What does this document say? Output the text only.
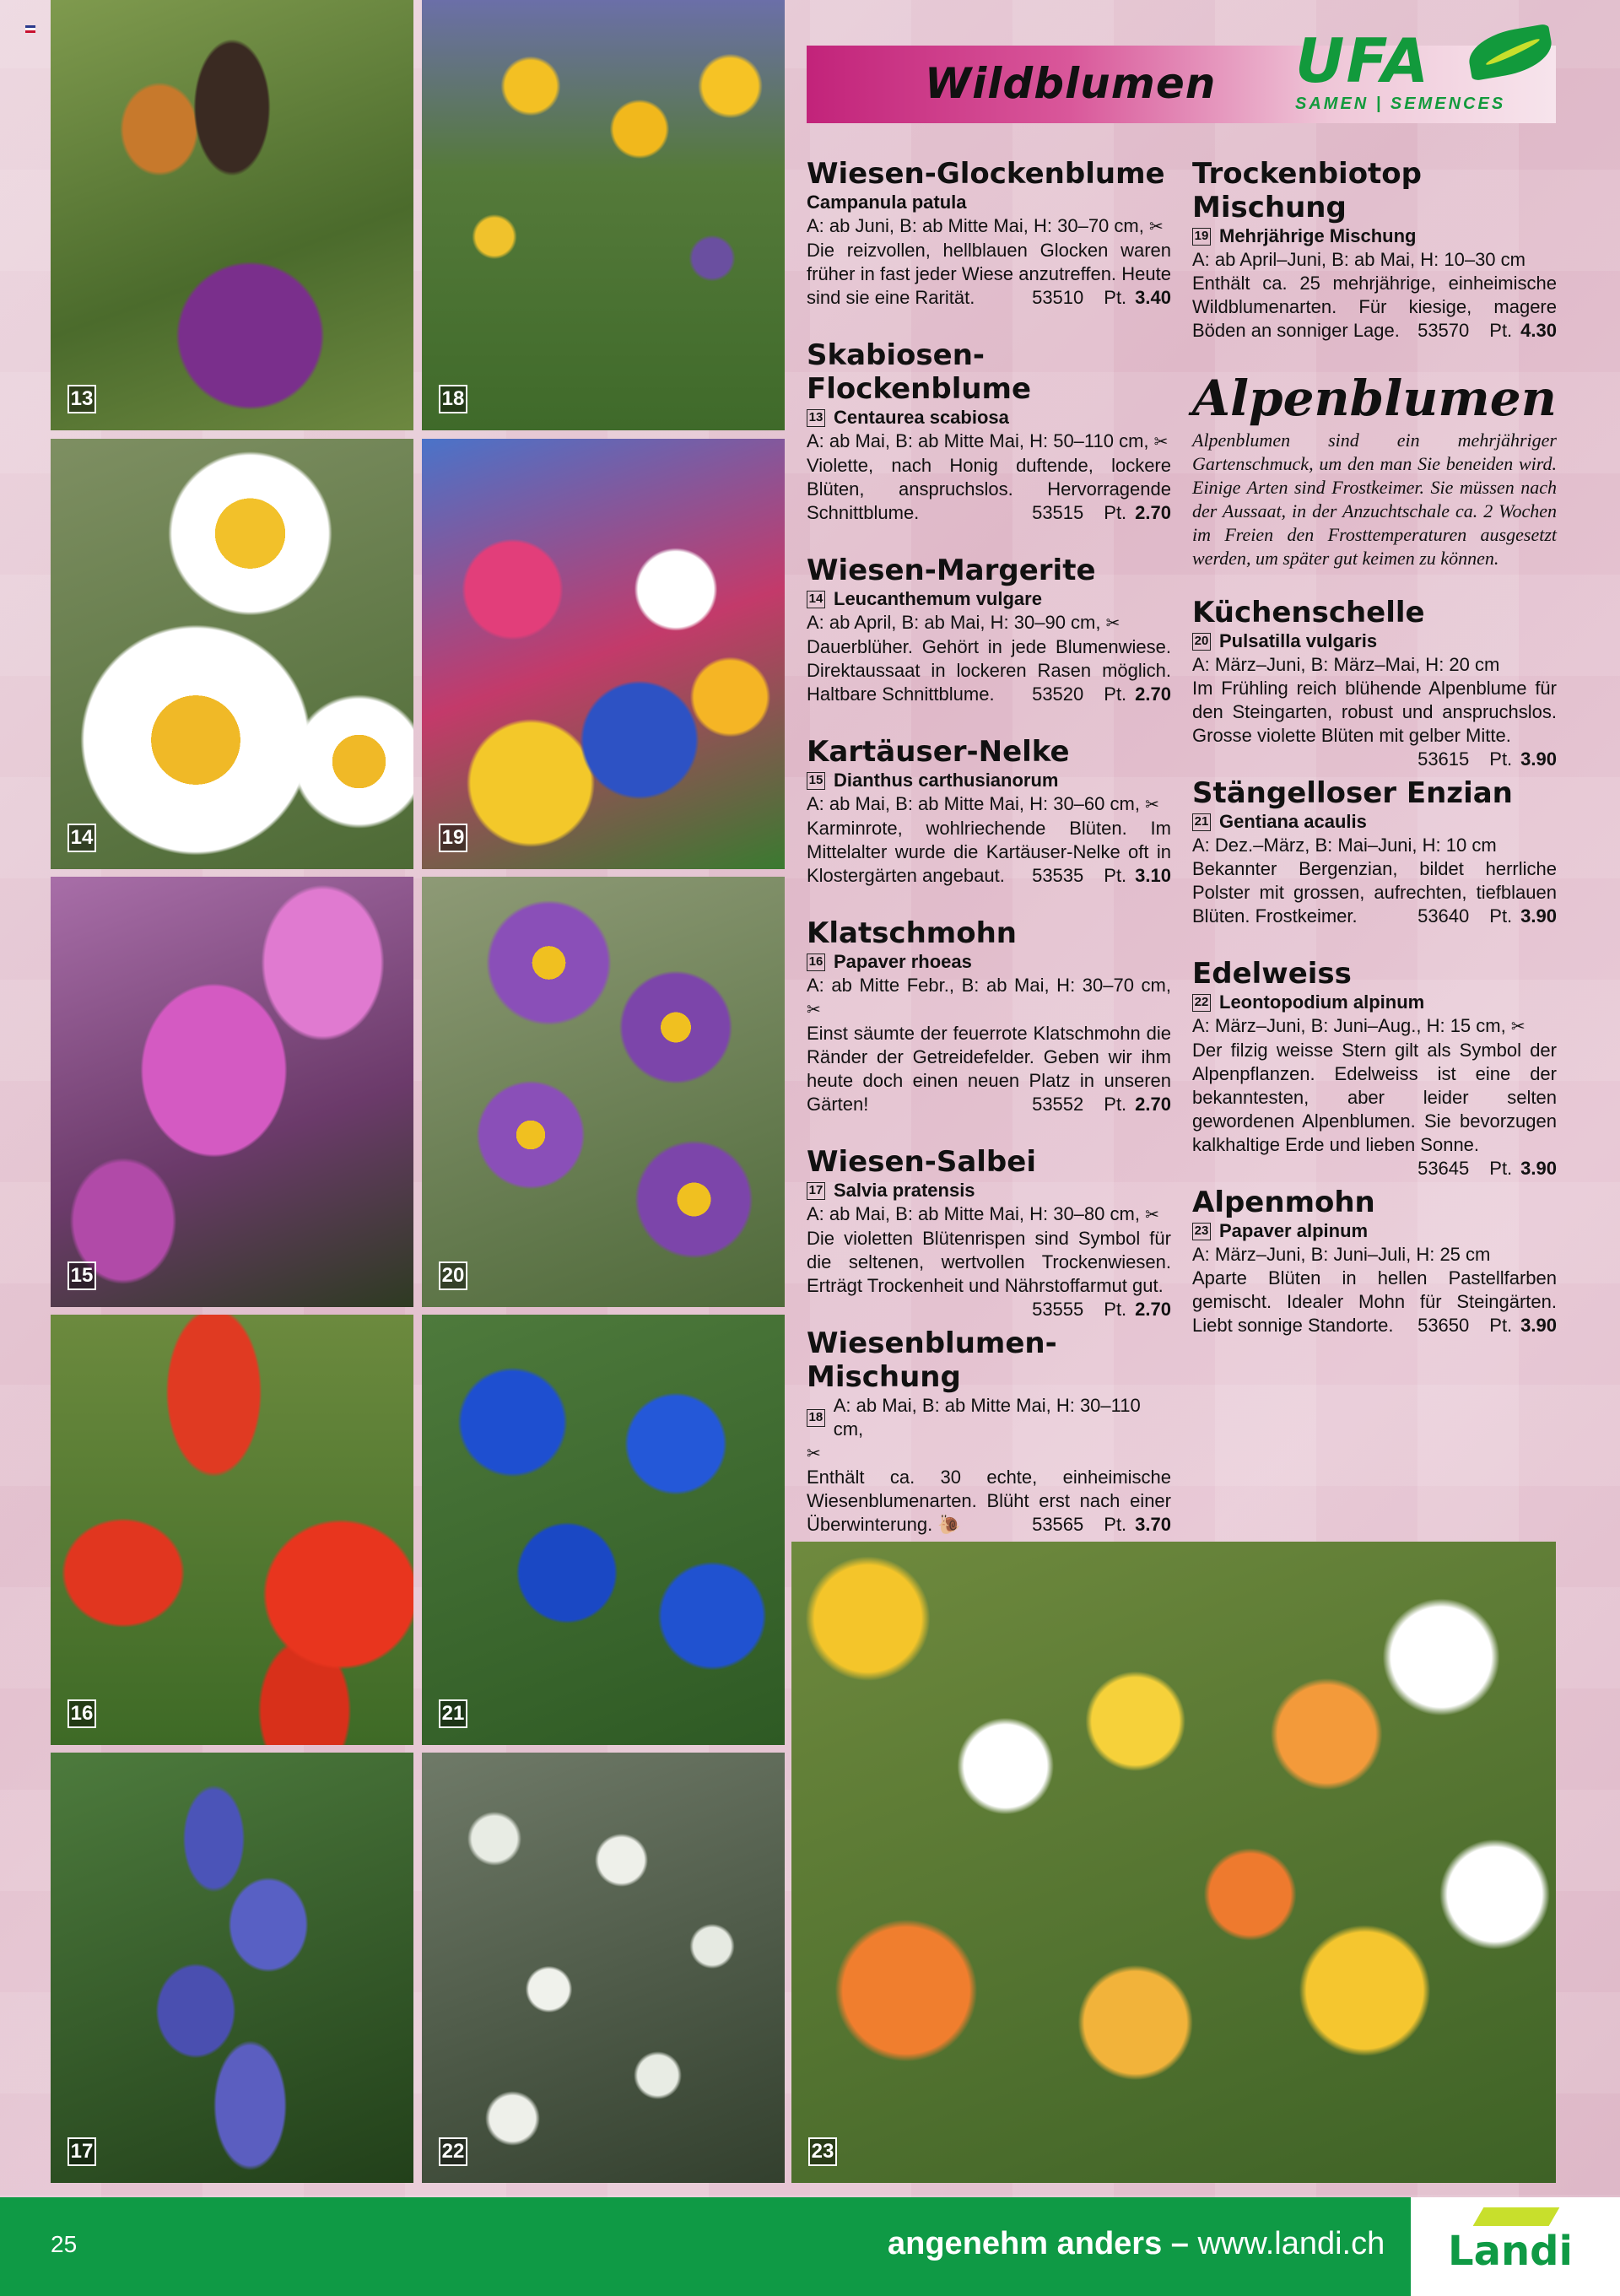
13	18
14	19
15	20
16	21
17	22	23
Wildblumen UFA
SAMEN | SEMENCES
Wiesen-Glockenblume
Campanula patula
A: ab Juni, B: ab Mitte Mai, H: 30–70 cm, ✂
Die reizvollen, hellblauen Glocken waren früher in fast jeder Wiese anzutreffen. Heute sind sie eine Rarität.	53510 Pt. 3.40
Skabiosen-Flockenblume
13 Centaurea scabiosa
A: ab Mai, B: ab Mitte Mai, H: 50–110 cm, ✂
Violette, nach Honig duftende, lockere Blüten, anspruchslos. Hervorragende Schnittblume.	53515 Pt. 2.70
Wiesen-Margerite
14 Leucanthemum vulgare
A: ab April, B: ab Mai, H: 30–90 cm, ✂
Dauerblüher. Gehört in jede Blumenwiese. Direktaussaat in lockeren Rasen möglich. Haltbare Schnittblume. 53520 Pt. 2.70
Kartäuser-Nelke
15 Dianthus carthusianorum
A: ab Mai, B: ab Mitte Mai, H: 30–60 cm, ✂
Karminrote, wohlriechende Blüten. Im Mittelalter wurde die Kartäuser-Nelke oft in Klostergärten angebaut. 53535 Pt. 3.10
Klatschmohn
16 Papaver rhoeas
A: ab Mitte Febr., B: ab Mai, H: 30–70 cm, ✂
Einst säumte der feuerrote Klatschmohn die Ränder der Getreidefelder. Geben wir ihm heute doch einen neuen Platz in unseren Gärten!	53552 Pt. 2.70
Wiesen-Salbei
17 Salvia pratensis
A: ab Mai, B: ab Mitte Mai, H: 30–80 cm, ✂
Die violetten Blütenrispen sind Symbol für die seltenen, wertvollen Trockenwiesen. Erträgt Trockenheit und Nährstoffarmut gut.
53555 Pt. 2.70
Wiesenblumen-Mischung
18
A: ab Mai, B: ab Mitte Mai, H: 30–110 cm,
✂
Enthält ca. 30 echte, einheimische Wiesenblumenarten. Blüht erst nach einer Überwinterung. 🐌	53565 Pt. 3.70
Trockenbiotop Mischung
19 Mehrjährige Mischung
A: ab April–Juni, B: ab Mai, H: 10–30 cm
Enthält ca. 25 mehrjährige, einheimische Wildblumenarten. Für kiesige, magere Böden an sonniger Lage. 53570 Pt. 4.30
Alpenblumen
Alpenblumen sind ein mehrjähriger Gartenschmuck, um den man Sie beneiden wird. Einige Arten sind Frostkeimer. Sie müssen nach der Aussaat, in der Anzuchtschale ca. 2 Wochen im Freien den Frosttemperaturen ausgesetzt werden, um später gut keimen zu können.
Küchenschelle
20 Pulsatilla vulgaris
A: März–Juni, B: März–Mai, H: 20 cm
Im Frühling reich blühende Alpenblume für den Steingarten, robust und anspruchslos. Grosse violette Blüten mit gelber Mitte.
53615 Pt. 3.90
Stängelloser Enzian
21 Gentiana acaulis
A: Dez.–März, B: Mai–Juni, H: 10 cm
Bekannter Bergenzian, bildet herrliche Polster mit grossen, aufrechten, tiefblauen Blüten. Frostkeimer.	53640 Pt. 3.90
Edelweiss
22 Leontopodium alpinum
A: März–Juni, B: Juni–Aug., H: 15 cm, ✂
Der filzig weisse Stern gilt als Symbol der Alpenpflanzen. Edelweiss ist eine der bekanntesten, aber leider selten gewordenen Alpenblumen. Sie bevorzugen kalkhaltige Erde und lieben Sonne.
53645 Pt. 3.90
Alpenmohn
23 Papaver alpinum
A: März–Juni, B: Juni–Juli, H: 25 cm
Aparte Blüten in hellen Pastellfarben gemischt. Idealer Mohn für Steingärten. Liebt sonnige Standorte. 53650 Pt. 3.90
25	angenehm anders – www.landi.ch Landi
